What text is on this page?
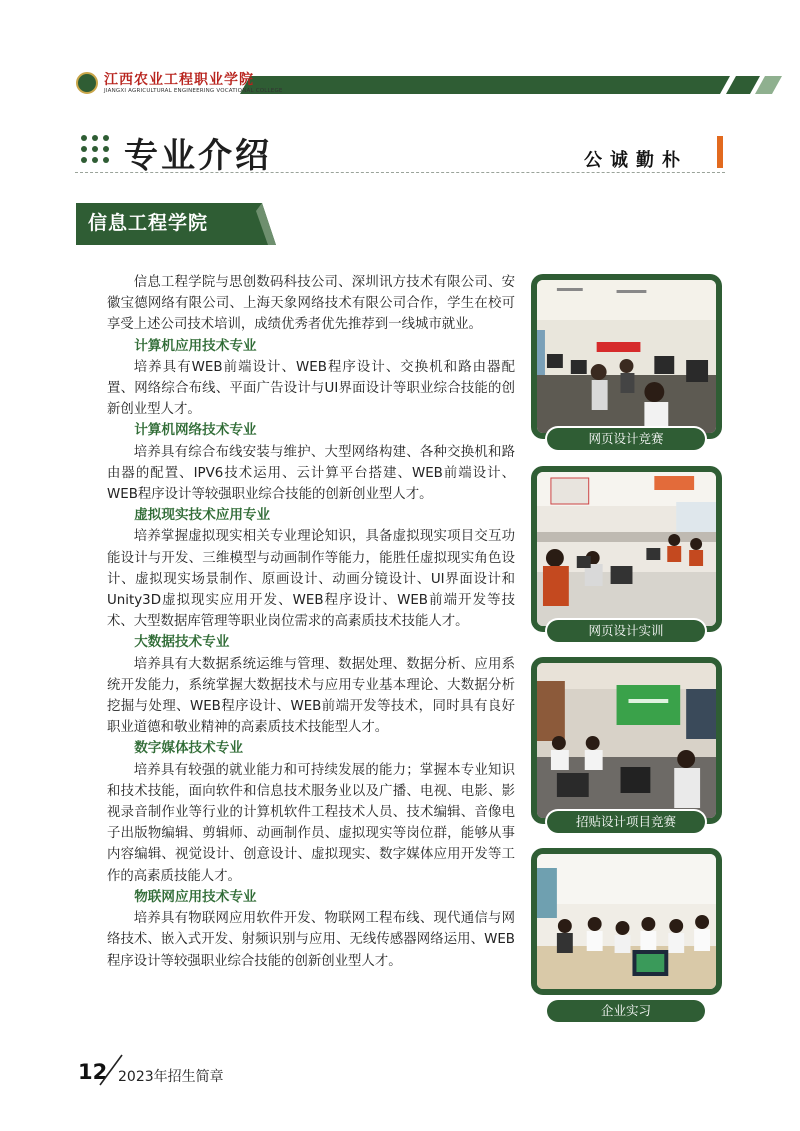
江西农业工程职业学院
JIANGXI AGRICULTURAL ENGINEERING VOCATIONAL COLLEGE
专业介绍	公诚勤朴
信息工程学院

信息工程学院与思创数码科技公司、深圳讯方技术有限公司、安徽宝德网络有限公司、上海天象网络技术有限公司合作，学生在校可享受上述公司技术培训，成绩优秀者优先推荐到一线城市就业。

计算机应用技术专业

培养具有WEB前端设计、WEB程序设计、交换机和路由器配置、网络综合布线、平面广告设计与UI界面设计等职业综合技能的创新创业型人才。

计算机网络技术专业

培养具有综合布线安装与维护、大型网络构建、各种交换机和路由器的配置、IPV6技术运用、云计算平台搭建、WEB前端设计、WEB程序设计等较强职业综合技能的创新创业型人才。

虚拟现实技术应用专业

培养掌握虚拟现实相关专业理论知识，具备虚拟现实项目交互功能设计与开发、三维模型与动画制作等能力，能胜任虚拟现实角色设计、虚拟现实场景制作、原画设计、动画分镜设计、UI界面设计和Unity3D虚拟现实应用开发、WEB程序设计、WEB前端开发等技术、大型数据库管理等职业岗位需求的高素质技术技能人才。

大数据技术专业

培养具有大数据系统运维与管理、数据处理、数据分析、应用系统开发能力，系统掌握大数据技术与应用专业基本理论、大数据分析挖掘与处理、WEB程序设计、WEB前端开发等技术，同时具有良好职业道德和敬业精神的高素质技术技能型人才。

数字媒体技术专业

培养具有较强的就业能力和可持续发展的能力；掌握本专业知识和技术技能，面向软件和信息技术服务业以及广播、电视、电影、影视录音制作业等行业的计算机软件工程技术人员、技术编辑、音像电子出版物编辑、剪辑师、动画制作员、虚拟现实等岗位群，能够从事内容编辑、视觉设计、创意设计、虚拟现实、数字媒体应用开发等工作的高素质技能人才。

物联网应用技术专业

培养具有物联网应用软件开发、物联网工程布线、现代通信与网络技术、嵌入式开发、射频识别与应用、无线传感器网络运用、WEB程序设计等较强职业综合技能的创新创业型人才。

网页设计竞赛
网页设计实训
招贴设计项目竞赛
企业实习
12 2023年招生简章
